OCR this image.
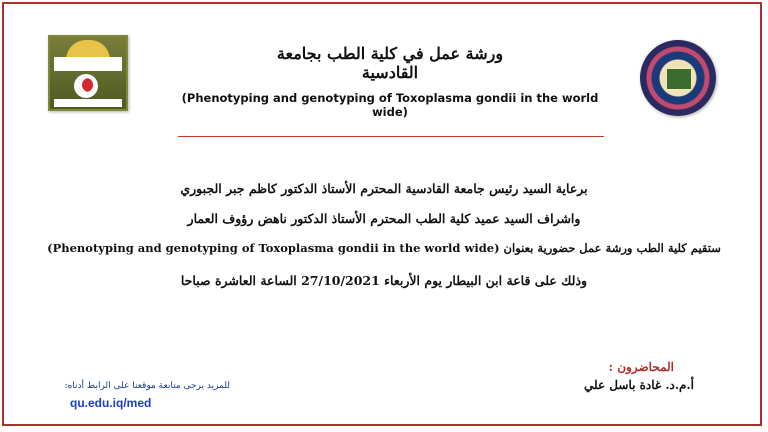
ورشة عمل في كلية الطب بجامعة القادسية
(Phenotyping and genotyping of Toxoplasma gondii in the world wide)
برعاية السيد رئيس جامعة القادسية المحترم الأستاذ الدكتور كاظم جبر الجبوري
واشراف السيد عميد كلية الطب المحترم الأستاذ الدكتور ناهض رؤوف العمار
ستقيم كلية الطب ورشة عمل حضورية بعنوان (Phenotyping and genotyping of Toxoplasma gondii in the world wide)
وذلك على قاعة ابن البيطار يوم الأربعاء 27/10/2021 الساعة العاشرة صباحا
المحاضرون :
أ.م.د. غادة باسل علي
للمزيد يرجى متابعة موقعنا على الرابط أدناه:
qu.edu.iq/med
